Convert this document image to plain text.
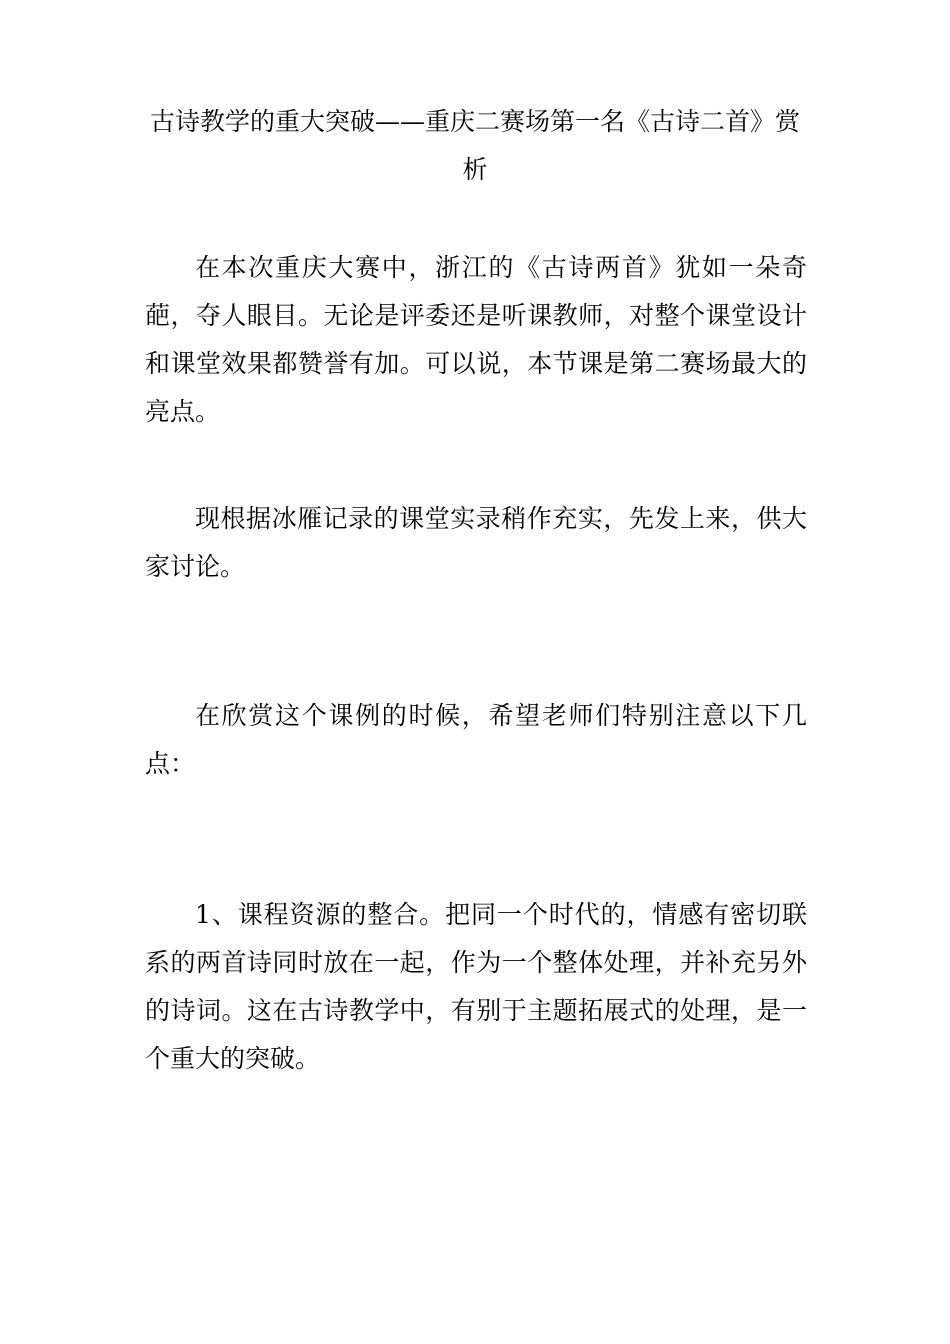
古诗教学的重大突破——重庆二赛场第一名《古诗二首》赏析

在本次重庆大赛中，浙江的《古诗两首》犹如一朵奇葩，夺人眼目。无论是评委还是听课教师，对整个课堂设计和课堂效果都赞誉有加。可以说，本节课是第二赛场最大的亮点。

现根据冰雁记录的课堂实录稍作充实，先发上来，供大家讨论。

在欣赏这个课例的时候，希望老师们特别注意以下几点：

1、课程资源的整合。把同一个时代的，情感有密切联系的两首诗同时放在一起，作为一个整体处理，并补充另外的诗词。这在古诗教学中，有别于主题拓展式的处理，是一个重大的突破。
